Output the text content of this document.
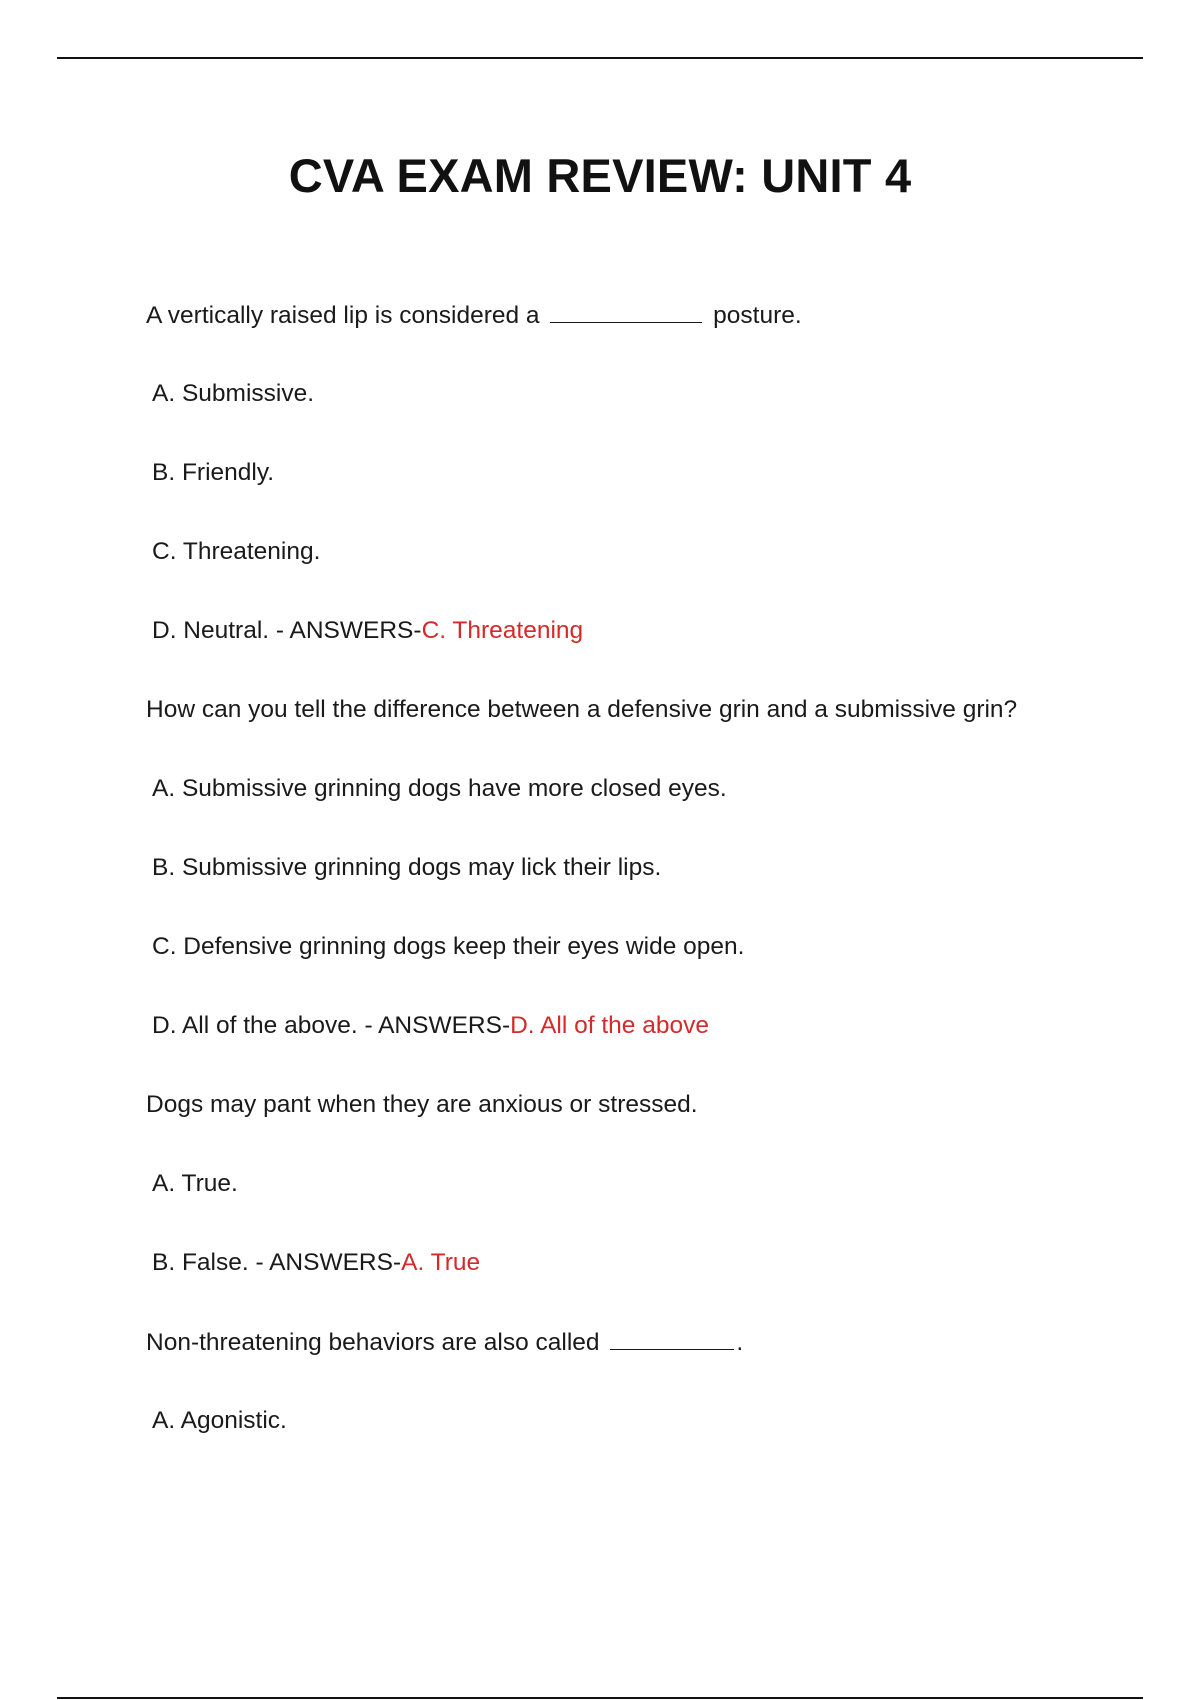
CVA EXAM REVIEW: UNIT 4
A vertically raised lip is considered a	posture.
A. Submissive.
B. Friendly.
C. Threatening.
D. Neutral. - ANSWERS-C. Threatening
How can you tell the difference between a defensive grin and a submissive grin?
A. Submissive grinning dogs have more closed eyes.
B. Submissive grinning dogs may lick their lips.
C. Defensive grinning dogs keep their eyes wide open.
D. All of the above. - ANSWERS-D. All of the above
Dogs may pant when they are anxious or stressed.
A. True.
B. False. - ANSWERS-A. True
Non-threatening behaviors are also called	.
A. Agonistic.
